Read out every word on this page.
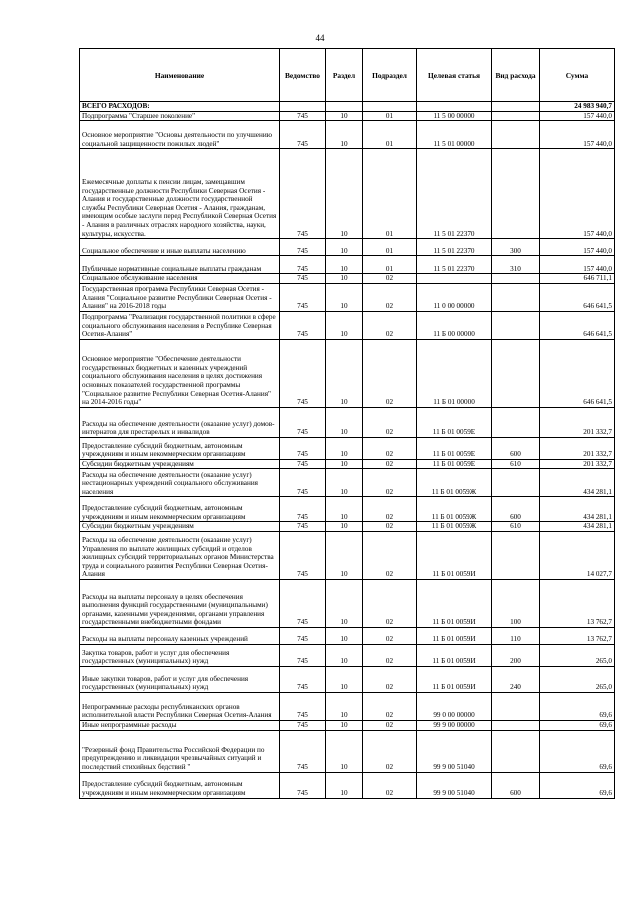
44
Наименование	Ведомство	Раздел	Подраздел	Целевая статья	Вид расхода	Сумма
ВСЕГО РАСХОДОВ:						24 983 940,7
Подпрограмма "Старшее поколение"	745	10	01	11 5 00 00000		157 440,0
Основное мероприятие "Основы деятельности по улучшению социальной защищенности пожилых людей"	745	10	01	11 5 01 00000		157 440,0
Ежемесячные доплаты к пенсии лицам, замещавшим государственные должности Республики Северная Осетия - Алания и государственные должности государственной службы Республики Северная Осетия - Алания, гражданам, имеющим особые заслуги перед Республикой Северная Осетия - Алания в различных отраслях народного хозяйства, науки, культуры, искусства.	745	10	01	11 5 01 22370		157 440,0
Социальное обеспечение и иные выплаты населению	745	10	01	11 5 01 22370	300	157 440,0
Публичные нормативные социальные выплаты гражданам	745	10	01	11 5 01 22370	310	157 440,0
Социальное обслуживание населения	745	10	02			646 711,1
Государственная программа Республики Северная Осетия - Алания "Социальное развитие Республики Северная Осетия - Алания" на 2016-2018 годы	745	10	02	11 0 00 00000		646 641,5
Подпрограмма "Реализация государственной политики в сфере социального обслуживания населения в Республике Северная Осетия-Алания"	745	10	02	11 Б 00 00000		646 641,5
Основное мероприятие "Обеспечение деятельности государственных бюджетных и казенных учреждений социального обслуживания населения в целях достижения основных показателей государственной программы "Социальное развитие Республики Северная Осетия-Алания" на 2014-2016 годы"	745	10	02	11 Б 01 00000		646 641,5
Расходы на обеспечение деятельности (оказание услуг) домов-интернатов для престарелых и инвалидов	745	10	02	11 Б 01 0059Е		201 332,7
Предоставление субсидий бюджетным, автономным учреждениям и иным некоммерческим организациям	745	10	02	11 Б 01 0059Е	600	201 332,7
Субсидии бюджетным учреждениям	745	10	02	11 Б 01 0059Е	610	201 332,7
Расходы на обеспечение деятельности (оказание услуг) нестационарных учреждений социального обслуживания населения	745	10	02	11 Б 01 0059Ж		434 281,1
Предоставление субсидий бюджетным, автономным учреждениям и иным некоммерческим организациям	745	10	02	11 Б 01 0059Ж	600	434 281,1
Субсидии бюджетным учреждениям	745	10	02	11 Б 01 0059Ж	610	434 281,1
Расходы на обеспечение деятельности (оказание услуг) Управления по выплате жилищных субсидий и отделов жилищных субсидий территориальных органов Министерства труда и социального развития Республики Северная Осетия-Алания	745	10	02	11 Б 01 0059И		14 027,7
Расходы на выплаты персоналу в целях обеспечения выполнения функций государственными (муниципальными) органами, казенными учреждениями, органами управления государственными внебюджетными фондами	745	10	02	11 Б 01 0059И	100	13 762,7
Расходы на выплаты персоналу казенных учреждений	745	10	02	11 Б 01 0059И	110	13 762,7
Закупка товаров, работ и услуг для обеспечения государственных (муниципальных) нужд	745	10	02	11 Б 01 0059И	200	265,0
Иные закупки товаров, работ и услуг для обеспечения государственных (муниципальных) нужд	745	10	02	11 Б 01 0059И	240	265,0
Непрограммные расходы республиканских органов исполнительной власти Республики Северная Осетия-Алания	745	10	02	99 0 00 00000		69,6
Иные непрограммные расходы	745	10	02	99 9 00 00000		69,6
"Резервный фонд Правительства Российской Федерации по предупреждению и ликвидации чрезвычайных ситуаций и последствий стихийных бедствий "	745	10	02	99 9 00 51040		69,6
Предоставление субсидий бюджетным, автономным учреждениям и иным некоммерческим организациям	745	10	02	99 9 00 51040	600	69,6
